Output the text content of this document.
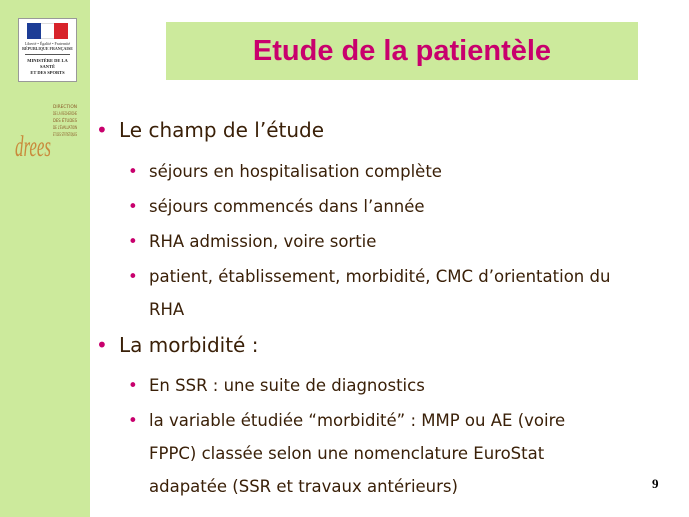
Liberté • Égalité • Fraternité
RÉPUBLIQUE FRANÇAISE
MINISTÈRE DE LA SANTÉ
ET DES SPORTS
drees
DIRECTION
DE LA RECHERCHE
DES ÉTUDES
DE L'ÉVALUATION
ET DES STATISTIQUES
Etude de la patientèle
• Le champ de l’étude
• séjours en hospitalisation complète
• séjours commencés dans l’année
• RHA admission, voire sortie
• patient, établissement, morbidité, CMC d’orientation du
RHA
• La morbidité :
• En SSR : une suite de diagnostics
• la variable étudiée “morbidité” : MMP ou AE (voire
FPPC) classée selon une nomenclature EuroStat
adapatée (SSR et travaux antérieurs)	9
